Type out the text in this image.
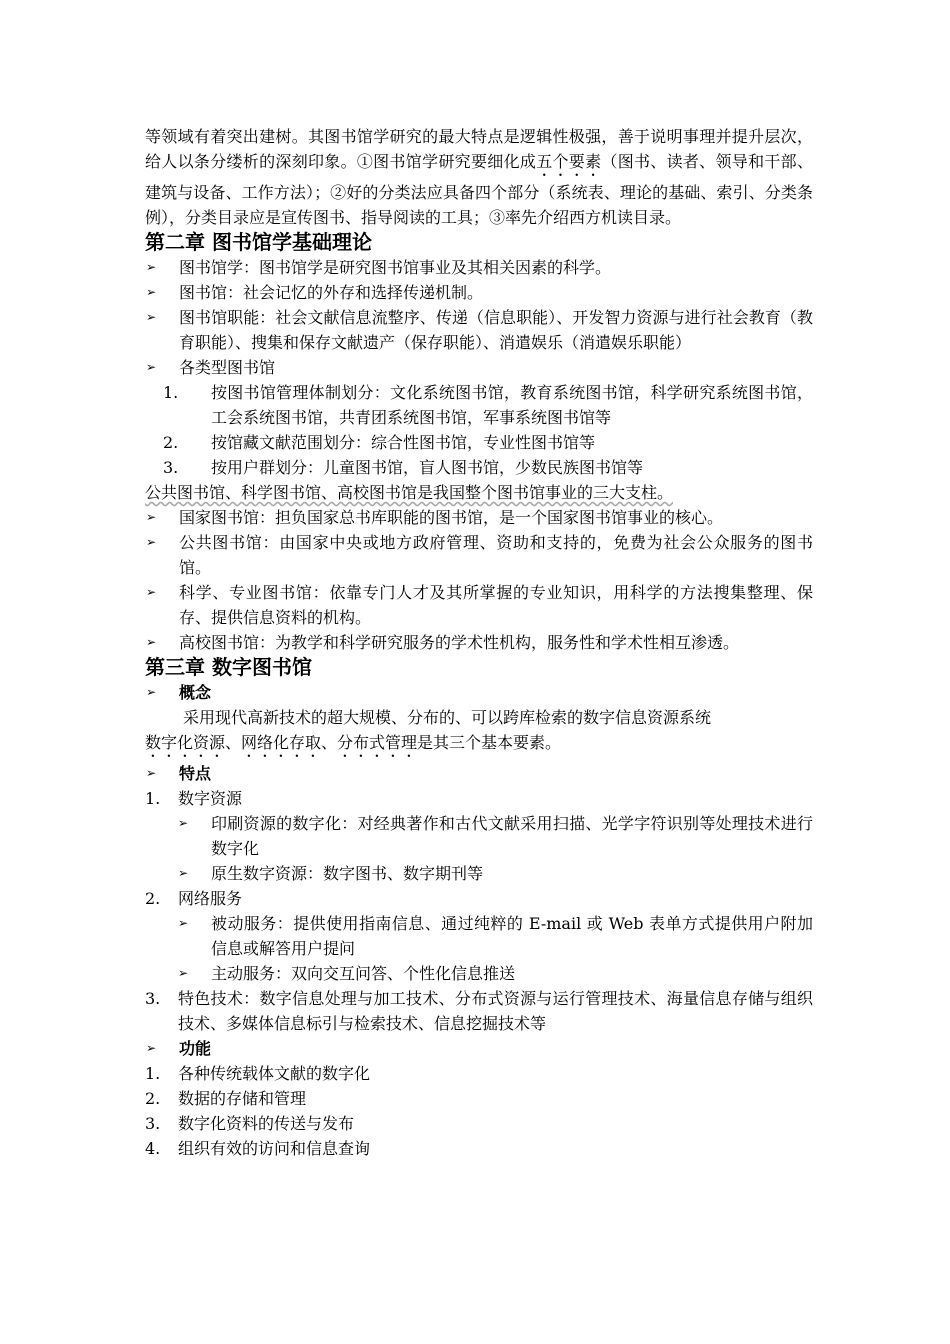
等领域有着突出建树。其图书馆学研究的最大特点是逻辑性极强，善于说明事理并提升层次，给人以条分缕析的深刻印象。①图书馆学研究要细化成五个要素（图书、读者、领导和干部、建筑与设备、工作方法）；②好的分类法应具备四个部分（系统表、理论的基础、索引、分类条例），分类目录应是宣传图书、指导阅读的工具；③率先介绍西方机读目录。
第二章 图书馆学基础理论
➢	图书馆学：图书馆学是研究图书馆事业及其相关因素的科学。
➢	图书馆：社会记忆的外存和选择传递机制。
➢	图书馆职能：社会文献信息流整序、传递（信息职能）、开发智力资源与进行社会教育（教育职能）、搜集和保存文献遗产（保存职能）、消遣娱乐（消遣娱乐职能）
➢	各类型图书馆
1.	按图书馆管理体制划分：文化系统图书馆，教育系统图书馆，科学研究系统图书馆，工会系统图书馆，共青团系统图书馆，军事系统图书馆等
2.	按馆藏文献范围划分：综合性图书馆，专业性图书馆等
3.	按用户群划分：儿童图书馆，盲人图书馆，少数民族图书馆等
公共图书馆、科学图书馆、高校图书馆是我国整个图书馆事业的三大支柱。
➢	国家图书馆：担负国家总书库职能的图书馆，是一个国家图书馆事业的核心。
➢	公共图书馆：由国家中央或地方政府管理、资助和支持的，免费为社会公众服务的图书馆。
➢	科学、专业图书馆：依靠专门人才及其所掌握的专业知识，用科学的方法搜集整理、保存、提供信息资料的机构。
➢	高校图书馆：为教学和科学研究服务的学术性机构，服务性和学术性相互渗透。
第三章 数字图书馆
➢	概念
采用现代高新技术的超大规模、分布的、可以跨库检索的数字信息资源系统
数字化资源、网络化存取、分布式管理是其三个基本要素。
➢	特点
1.	数字资源
➢	印刷资源的数字化：对经典著作和古代文献采用扫描、光学字符识别等处理技术进行数字化
➢	原生数字资源：数字图书、数字期刊等
2.	网络服务
➢	被动服务：提供使用指南信息、通过纯粹的 E-mail 或 Web 表单方式提供用户附加信息或解答用户提问
➢	主动服务：双向交互问答、个性化信息推送
3.	特色技术：数字信息处理与加工技术、分布式资源与运行管理技术、海量信息存储与组织技术、多媒体信息标引与检索技术、信息挖掘技术等
➢	功能
1.	各种传统载体文献的数字化
2.	数据的存储和管理
3.	数字化资料的传送与发布
4.	组织有效的访问和信息查询
